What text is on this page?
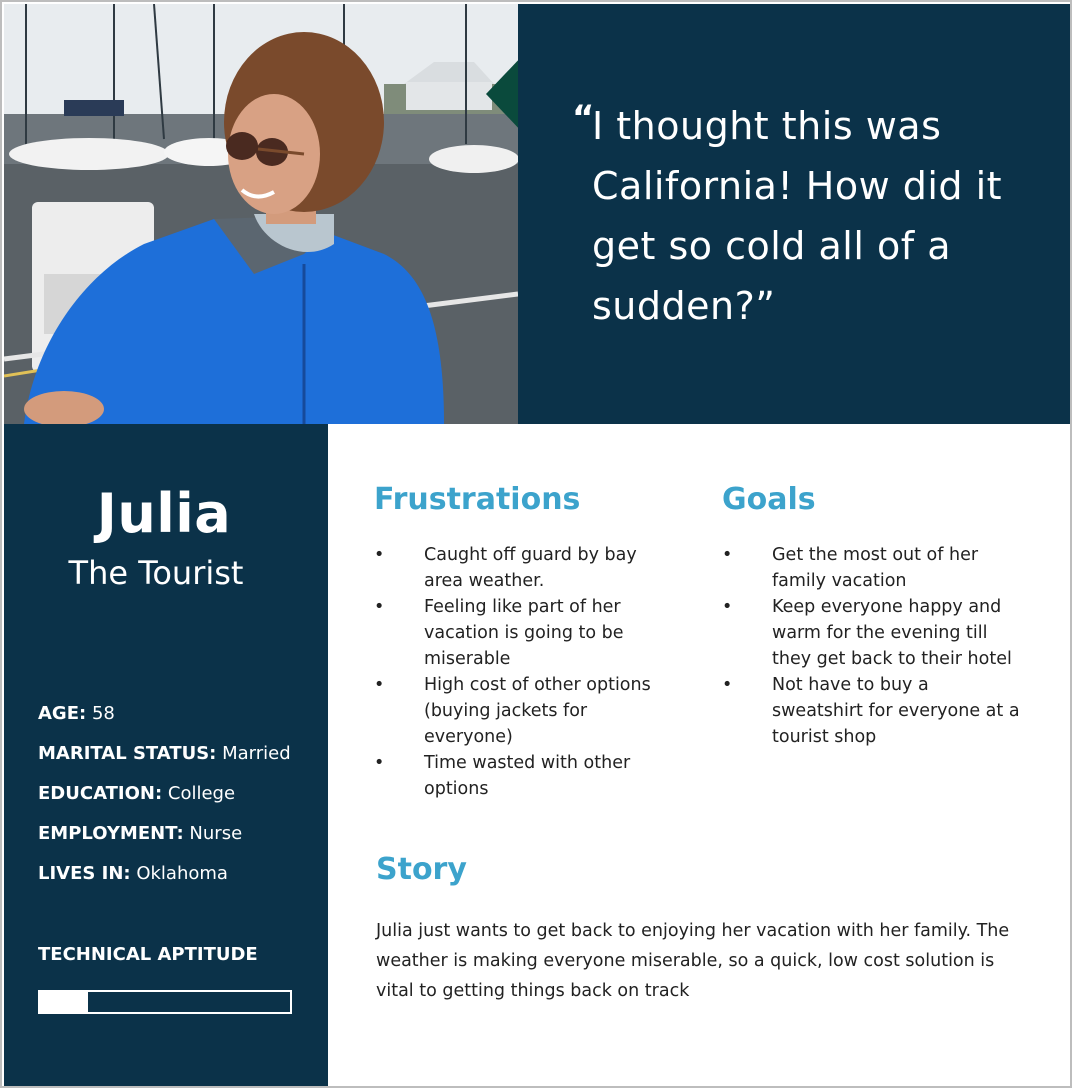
“
I thought this was California! How did it get so cold all of a sudden?”
Julia
The Tourist
AGE: 58
MARITAL STATUS: Married
EDUCATION: College
EMPLOYMENT: Nurse
LIVES IN: Oklahoma
TECHNICAL APTITUDE
Frustrations
• Caught off guard by bay area weather.
• Feeling like part of her vacation is going to be miserable
• High cost of other options (buying jackets for everyone)
• Time wasted with other options
Goals
• Get the most out of her family vacation
• Keep everyone happy and warm for the evening till they get back to their hotel
• Not have to buy a sweatshirt for everyone at a tourist shop
Story
Julia just wants to get back to enjoying her vacation with her family. The weather is making everyone miserable, so a quick, low cost solution is vital to getting things back on track
